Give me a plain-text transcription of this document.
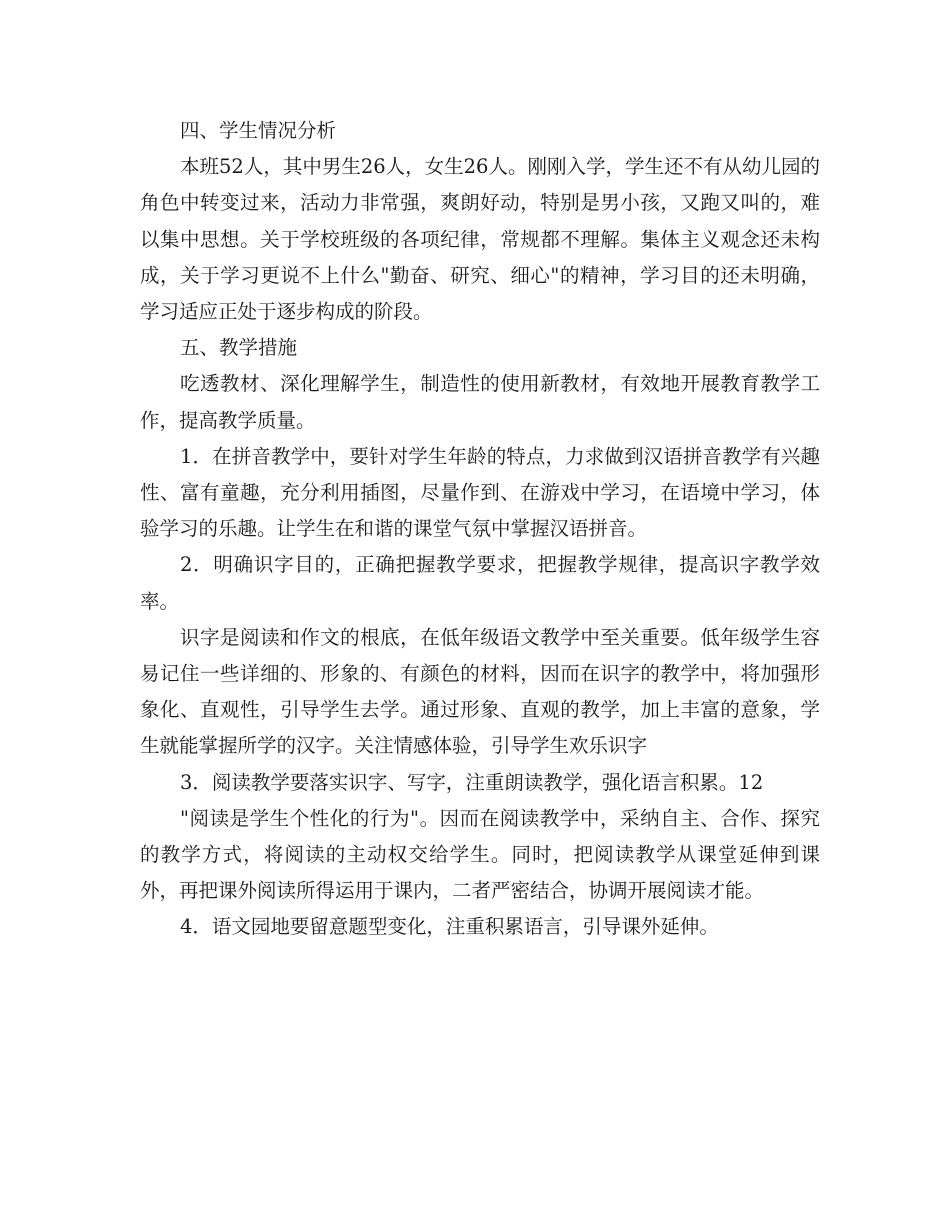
四、学生情况分析

本班52人，其中男生26人，女生26人。刚刚入学，学生还不有从幼儿园的角色中转变过来，活动力非常强，爽朗好动，特别是男小孩，又跑又叫的，难以集中思想。关于学校班级的各项纪律，常规都不理解。集体主义观念还未构成，关于学习更说不上什么"勤奋、研究、细心"的精神，学习目的还未明确，学习适应正处于逐步构成的阶段。

五、教学措施

吃透教材、深化理解学生，制造性的使用新教材，有效地开展教育教学工作，提高教学质量。

1．在拼音教学中，要针对学生年龄的特点，力求做到汉语拼音教学有兴趣性、富有童趣，充分利用插图，尽量作到、在游戏中学习，在语境中学习，体验学习的乐趣。让学生在和谐的课堂气氛中掌握汉语拼音。

2．明确识字目的，正确把握教学要求，把握教学规律，提高识字教学效率。

识字是阅读和作文的根底，在低年级语文教学中至关重要。低年级学生容易记住一些详细的、形象的、有颜色的材料，因而在识字的教学中，将加强形象化、直观性，引导学生去学。通过形象、直观的教学，加上丰富的意象，学生就能掌握所学的汉字。关注情感体验，引导学生欢乐识字

3．阅读教学要落实识字、写字，注重朗读教学，强化语言积累。12

"阅读是学生个性化的行为"。因而在阅读教学中，采纳自主、合作、探究的教学方式，将阅读的主动权交给学生。同时，把阅读教学从课堂延伸到课外，再把课外阅读所得运用于课内，二者严密结合，协调开展阅读才能。

4．语文园地要留意题型变化，注重积累语言，引导课外延伸。
